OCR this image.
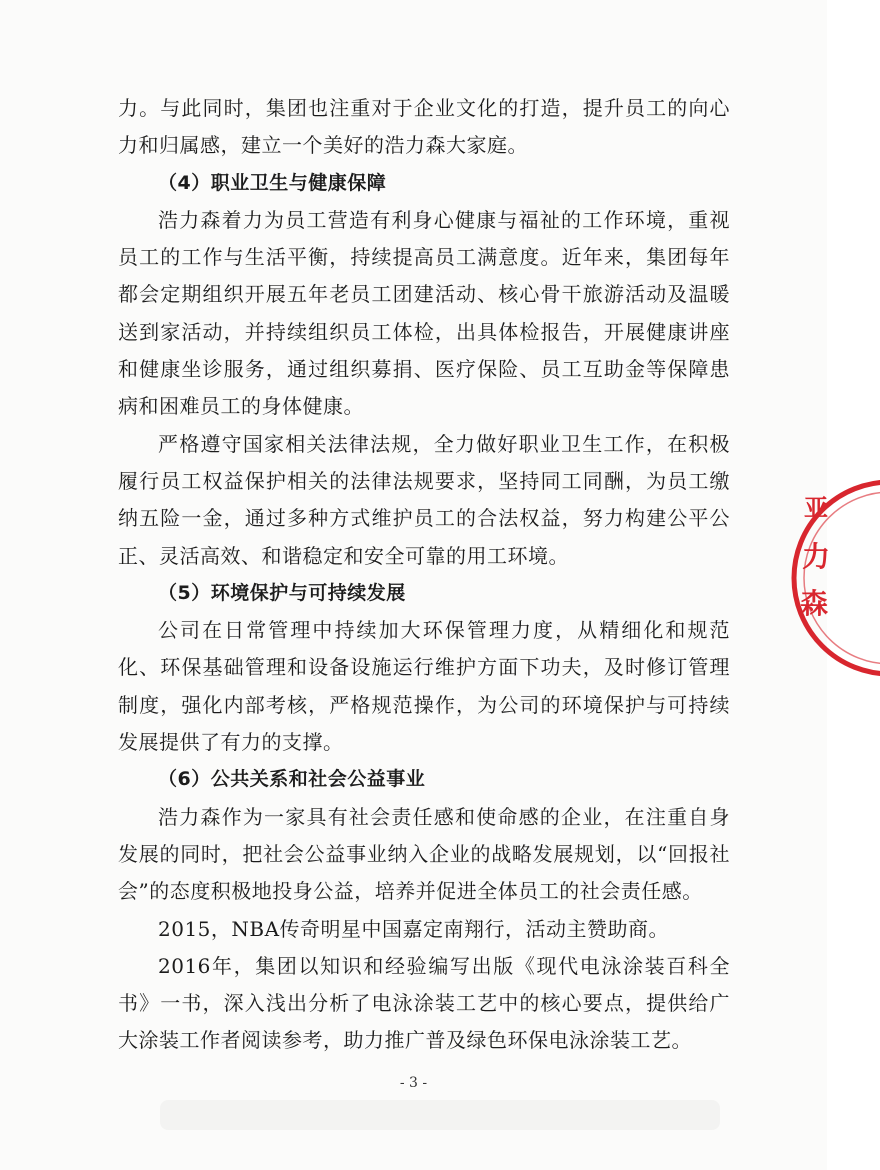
力。与此同时，集团也注重对于企业文化的打造，提升员工的向心力和归属感，建立一个美好的浩力森大家庭。

（4）职业卫生与健康保障

浩力森着力为员工营造有利身心健康与福祉的工作环境，重视员工的工作与生活平衡，持续提高员工满意度。近年来，集团每年都会定期组织开展五年老员工团建活动、核心骨干旅游活动及温暖送到家活动，并持续组织员工体检，出具体检报告，开展健康讲座和健康坐诊服务，通过组织募捐、医疗保险、员工互助金等保障患病和困难员工的身体健康。

严格遵守国家相关法律法规，全力做好职业卫生工作，在积极履行员工权益保护相关的法律法规要求，坚持同工同酬，为员工缴纳五险一金，通过多种方式维护员工的合法权益，努力构建公平公正、灵活高效、和谐稳定和安全可靠的用工环境。

（5）环境保护与可持续发展

公司在日常管理中持续加大环保管理力度，从精细化和规范化、环保基础管理和设备设施运行维护方面下功夫，及时修订管理制度，强化内部考核，严格规范操作，为公司的环境保护与可持续发展提供了有力的支撑。

（6）公共关系和社会公益事业

浩力森作为一家具有社会责任感和使命感的企业，在注重自身发展的同时，把社会公益事业纳入企业的战略发展规划，以“回报社会”的态度积极地投身公益，培养并促进全体员工的社会责任感。

2015，NBA传奇明星中国嘉定南翔行，活动主赞助商。

2016年，集团以知识和经验编写出版《现代电泳涂装百科全书》一书，深入浅出分析了电泳涂装工艺中的核心要点，提供给广大涂装工作者阅读参考，助力推广普及绿色环保电泳涂装工艺。

- 3 -
亚
力
森
